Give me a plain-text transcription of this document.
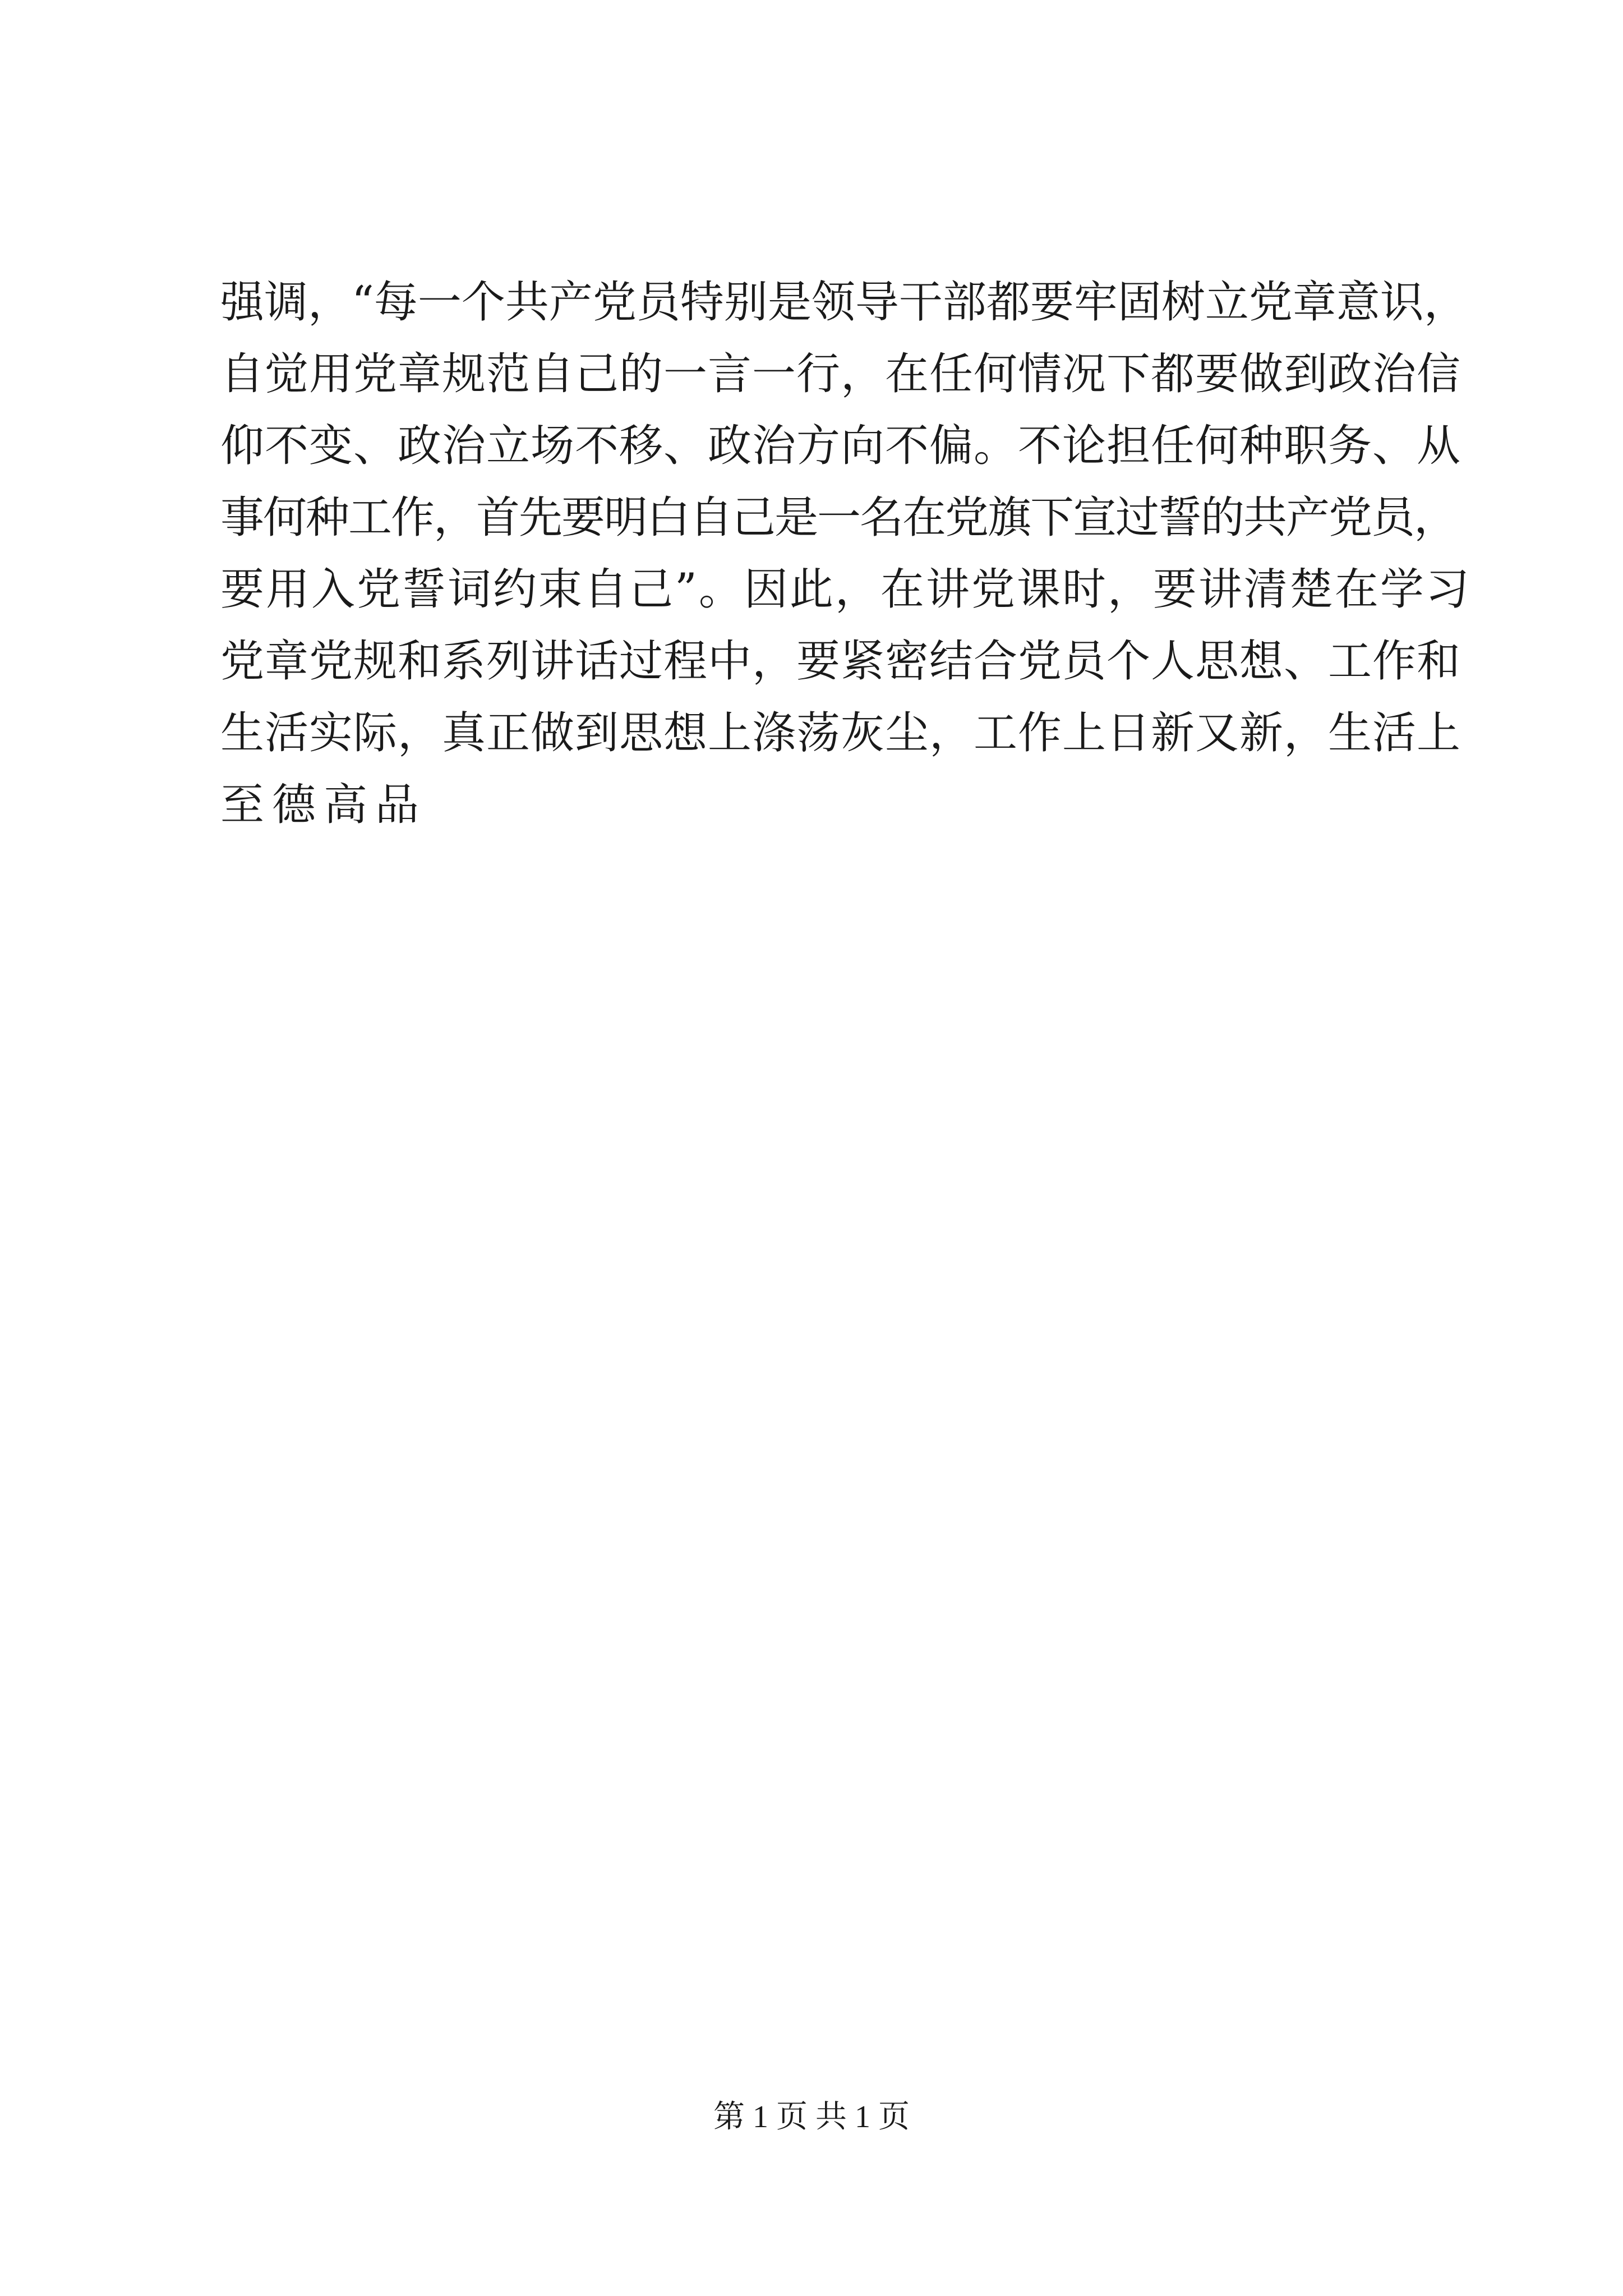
强调，“每一个共产党员特别是领导干部都要牢固树立党章意识，
自觉用党章规范自己的一言一行，在任何情况下都要做到政治信
仰不变、政治立场不移、政治方向不偏。不论担任何种职务、从
事何种工作，首先要明白自己是一名在党旗下宣过誓的共产党员，
要用入党誓词约束自己”。因此，在讲党课时，要讲清楚在学习
党章党规和系列讲话过程中，要紧密结合党员个人思想、工作和
生活实际，真正做到思想上涤荡灰尘，工作上日新又新，生活上
至德高品
第 1 页 共 1 页
